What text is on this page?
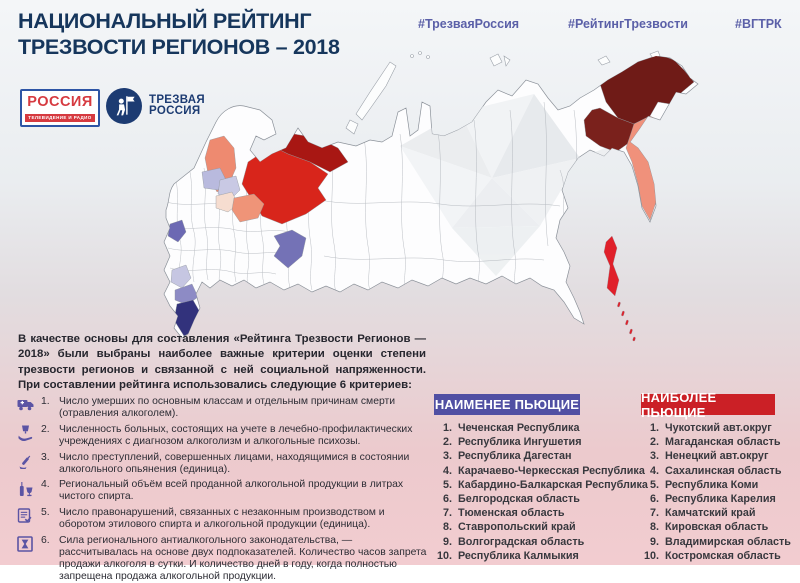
НАЦИОНАЛЬНЫЙ РЕЙТИНГ
ТРЕЗВОСТИ РЕГИОНОВ – 2018
#ТрезваяРоссия	#РейтингТрезвости	#ВГТРК
РОССИЯ
ТЕЛЕВИДЕНИЕ И РАДИО
ТРЕЗВАЯ
РОССИЯ
В качестве основы для составления «Рейтинга Трезвости Регионов — 2018» были выбраны наиболее важные критерии оценки степени трезвости регионов и связанной с ней социальной напряженности. При составлении рейтинга использовались следующие 6 критериев:
1. Число умерших по основным классам и отдельным причинам смерти (отравления алкоголем).
2. Численность больных, состоящих на учете в лечебно-профилактических учреждениях с диагнозом алкоголизм и алкогольные психозы.
3. Число преступлений, совершенных лицами, находящимися в состоянии алкогольного опьянения (единица).
4. Региональный объём всей проданной алкогольной продукции в литрах чистого спирта.
5. Число правонарушений, связанных с незаконным производством и оборотом этилового спирта и алкогольной продукции (единица).
6. Сила регионального антиалкогольного законодательства, — рассчитывалась на основе двух подпоказателей. Количество часов запрета продажи алкоголя в сутки. И количество дней в году, когда полностью запрещена продажа алкогольной продукции.
НАИМЕНЕЕ ПЬЮЩИЕ
1. Чеченская Республика
2. Республика Ингушетия
3. Республика Дагестан
4. Карачаево-Черкесская Республика
5. Кабардино-Балкарская Республика
6. Белгородская область
7. Тюменская область
8. Ставропольский край
9. Волгоградская область
10. Республика Калмыкия
НАИБОЛЕЕ ПЬЮЩИЕ
1. Чукотский авт.округ
2. Магаданская область
3. Ненецкий авт.округ
4. Сахалинская область
5. Республика Коми
6. Республика Карелия
7. Камчатский край
8. Кировская область
9. Владимирская область
10. Костромская область
